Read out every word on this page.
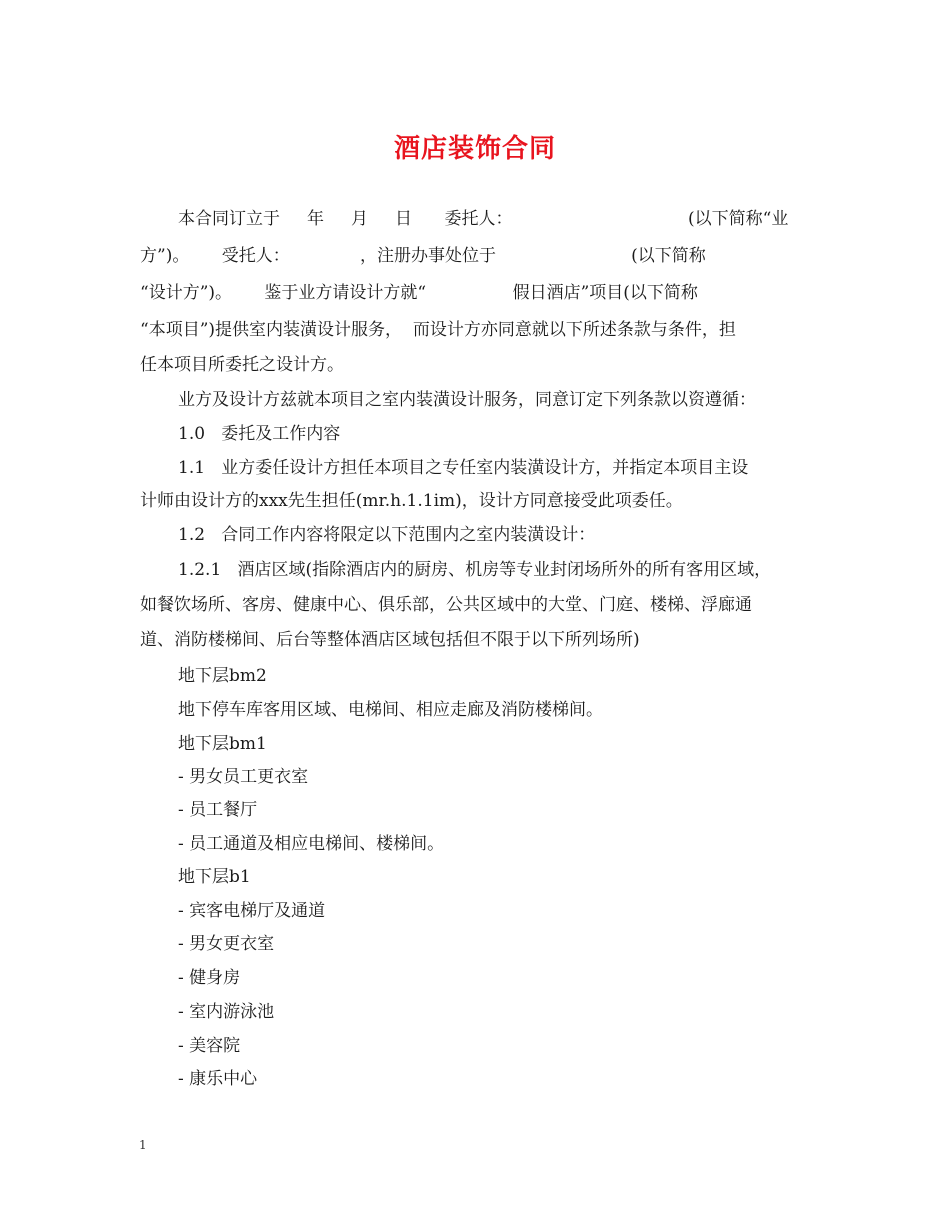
酒店装饰合同
本合同订立于     年     月     日      委托人：	(以下简称“业
方”)。      受托人：             ，注册办事处位于                         (以下简称
“设计方”)。      鉴于业方请设计方就“                假日酒店”项目(以下简称
“本项目”)提供室内装潢设计服务，  而设计方亦同意就以下所述条款与条件，担
任本项目所委托之设计方。
业方及设计方兹就本项目之室内装潢设计服务，同意订定下列条款以资遵循：
1.0   委托及工作内容
1.1   业方委任设计方担任本项目之专任室内装潢设计方，并指定本项目主设
计师由设计方的xxx先生担任(mr.h.1.1im)，设计方同意接受此项委任。
1.2   合同工作内容将限定以下范围内之室内装潢设计：
1.2.1   酒店区域(指除酒店内的厨房、机房等专业封闭场所外的所有客用区域，
如餐饮场所、客房、健康中心、俱乐部，公共区域中的大堂、门庭、楼梯、浮廊通
道、消防楼梯间、后台等整体酒店区域包括但不限于以下所列场所)
地下层bm2
地下停车库客用区域、电梯间、相应走廊及消防楼梯间。
地下层bm1
- 男女员工更衣室
- 员工餐厅
- 员工通道及相应电梯间、楼梯间。
地下层b1
- 宾客电梯厅及通道
- 男女更衣室
- 健身房
- 室内游泳池
- 美容院
- 康乐中心
1
